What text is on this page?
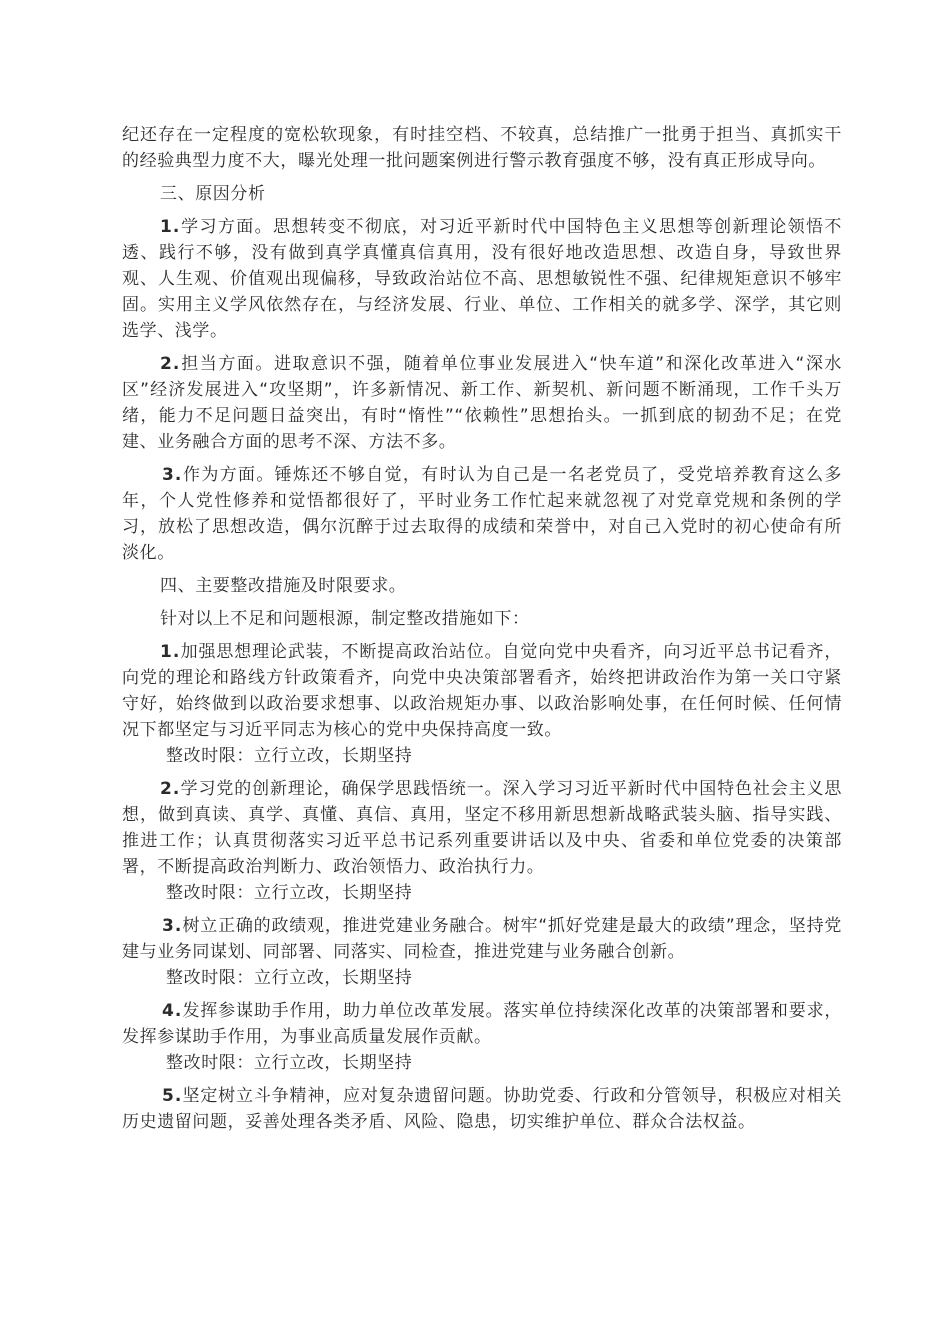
纪还存在一定程度的宽松软现象，有时挂空档、不较真，总结推广一批勇于担当、真抓实干的经验典型力度不大，曝光处理一批问题案例进行警示教育强度不够，没有真正形成导向。

三、原因分析

1.学习方面。思想转变不彻底，对习近平新时代中国特色主义思想等创新理论领悟不透、践行不够，没有做到真学真懂真信真用，没有很好地改造思想、改造自身，导致世界观、人生观、价值观出现偏移，导致政治站位不高、思想敏锐性不强、纪律规矩意识不够牢固。实用主义学风依然存在，与经济发展、行业、单位、工作相关的就多学、深学，其它则选学、浅学。

2.担当方面。进取意识不强，随着单位事业发展进入“快车道”和深化改革进入“深水区”经济发展进入“攻坚期”，许多新情况、新工作、新契机、新问题不断涌现，工作千头万绪，能力不足问题日益突出，有时“惰性”“依赖性”思想抬头。一抓到底的韧劲不足；在党建、业务融合方面的思考不深、方法不多。

3.作为方面。锤炼还不够自觉，有时认为自己是一名老党员了，受党培养教育这么多年，个人党性修养和觉悟都很好了，平时业务工作忙起来就忽视了对党章党规和条例的学习，放松了思想改造，偶尔沉醉于过去取得的成绩和荣誉中，对自己入党时的初心使命有所淡化。

四、主要整改措施及时限要求。

针对以上不足和问题根源，制定整改措施如下：

1.加强思想理论武装，不断提高政治站位。自觉向党中央看齐，向习近平总书记看齐，向党的理论和路线方针政策看齐，向党中央决策部署看齐，始终把讲政治作为第一关口守紧守好，始终做到以政治要求想事、以政治规矩办事、以政治影响处事，在任何时候、任何情况下都坚定与习近平同志为核心的党中央保持高度一致。

整改时限：立行立改，长期坚持

2.学习党的创新理论，确保学思践悟统一。深入学习习近平新时代中国特色社会主义思想，做到真读、真学、真懂、真信、真用，坚定不移用新思想新战略武装头脑、指导实践、推进工作；认真贯彻落实习近平总书记系列重要讲话以及中央、省委和单位党委的决策部署，不断提高政治判断力、政治领悟力、政治执行力。

整改时限：立行立改，长期坚持

3.树立正确的政绩观，推进党建业务融合。树牢“抓好党建是最大的政绩”理念，坚持党建与业务同谋划、同部署、同落实、同检查，推进党建与业务融合创新。

整改时限：立行立改，长期坚持

4.发挥参谋助手作用，助力单位改革发展。落实单位持续深化改革的决策部署和要求，发挥参谋助手作用，为事业高质量发展作贡献。

整改时限：立行立改，长期坚持

5.坚定树立斗争精神，应对复杂遗留问题。协助党委、行政和分管领导，积极应对相关历史遗留问题，妥善处理各类矛盾、风险、隐患，切实维护单位、群众合法权益。
